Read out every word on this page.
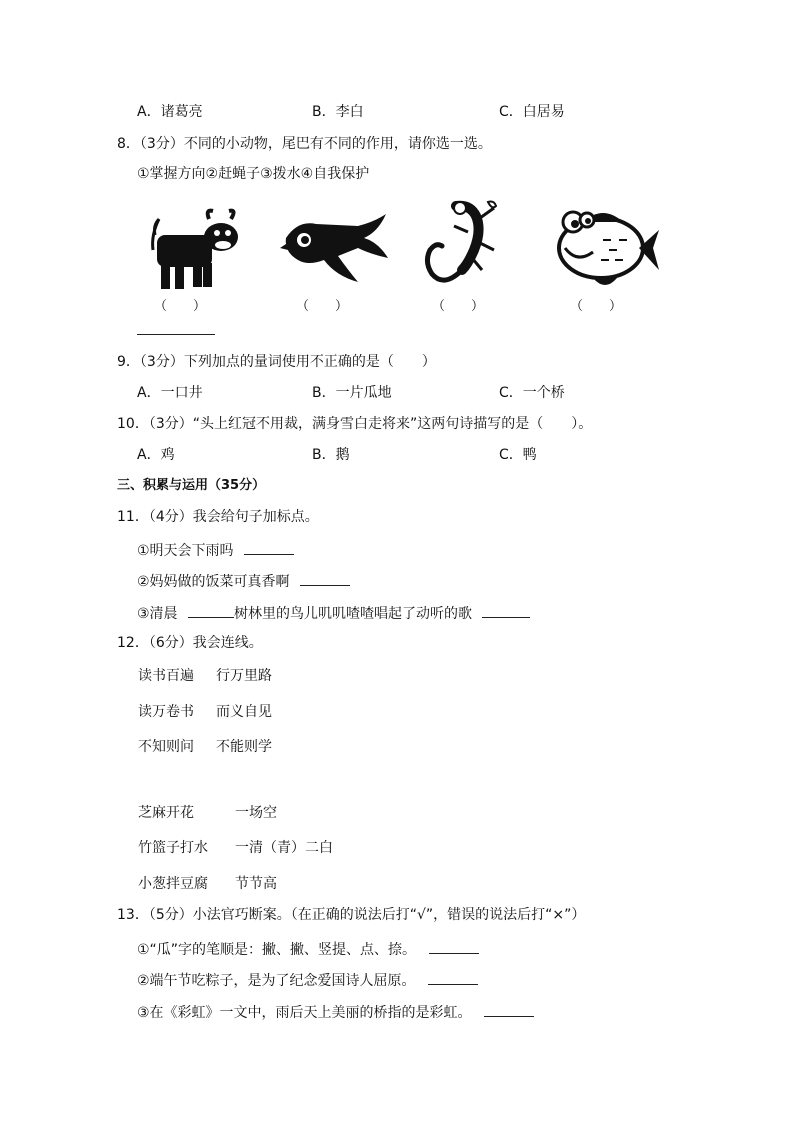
A．诸葛亮	B．李白	C．白居易
8．（3分）不同的小动物，尾巴有不同的作用，请你选一选。
①掌握方向②赶蝇子③拨水④自我保护
（　　）	（　　）	（　　）	（　　）
9．（3分）下列加点的量词使用不正确的是（　　）
A．一口井	B．一片瓜地	C．一个桥
10．（3分）“头上红冠不用裁，满身雪白走将来”这两句诗描写的是（　　）。
A．鸡	B．鹅	C．鸭
三、积累与运用（35分）
11．（4分）我会给句子加标点。
①明天会下雨吗
②妈妈做的饭菜可真香啊
③清晨	树林里的鸟儿叽叽喳喳唱起了动听的歌
12．（6分）我会连线。
读书百遍 行万里路
读万卷书 而义自见
不知则问 不能则学
芝麻开花	一场空
竹篮子打水 一清（青）二白
小葱拌豆腐 节节高
13．（5分）小法官巧断案。（在正确的说法后打“√”，错误的说法后打“×”）
①“瓜”字的笔顺是：撇、撇、竖提、点、捺。
②端午节吃粽子，是为了纪念爱国诗人屈原。
③在《彩虹》一文中，雨后天上美丽的桥指的是彩虹。
